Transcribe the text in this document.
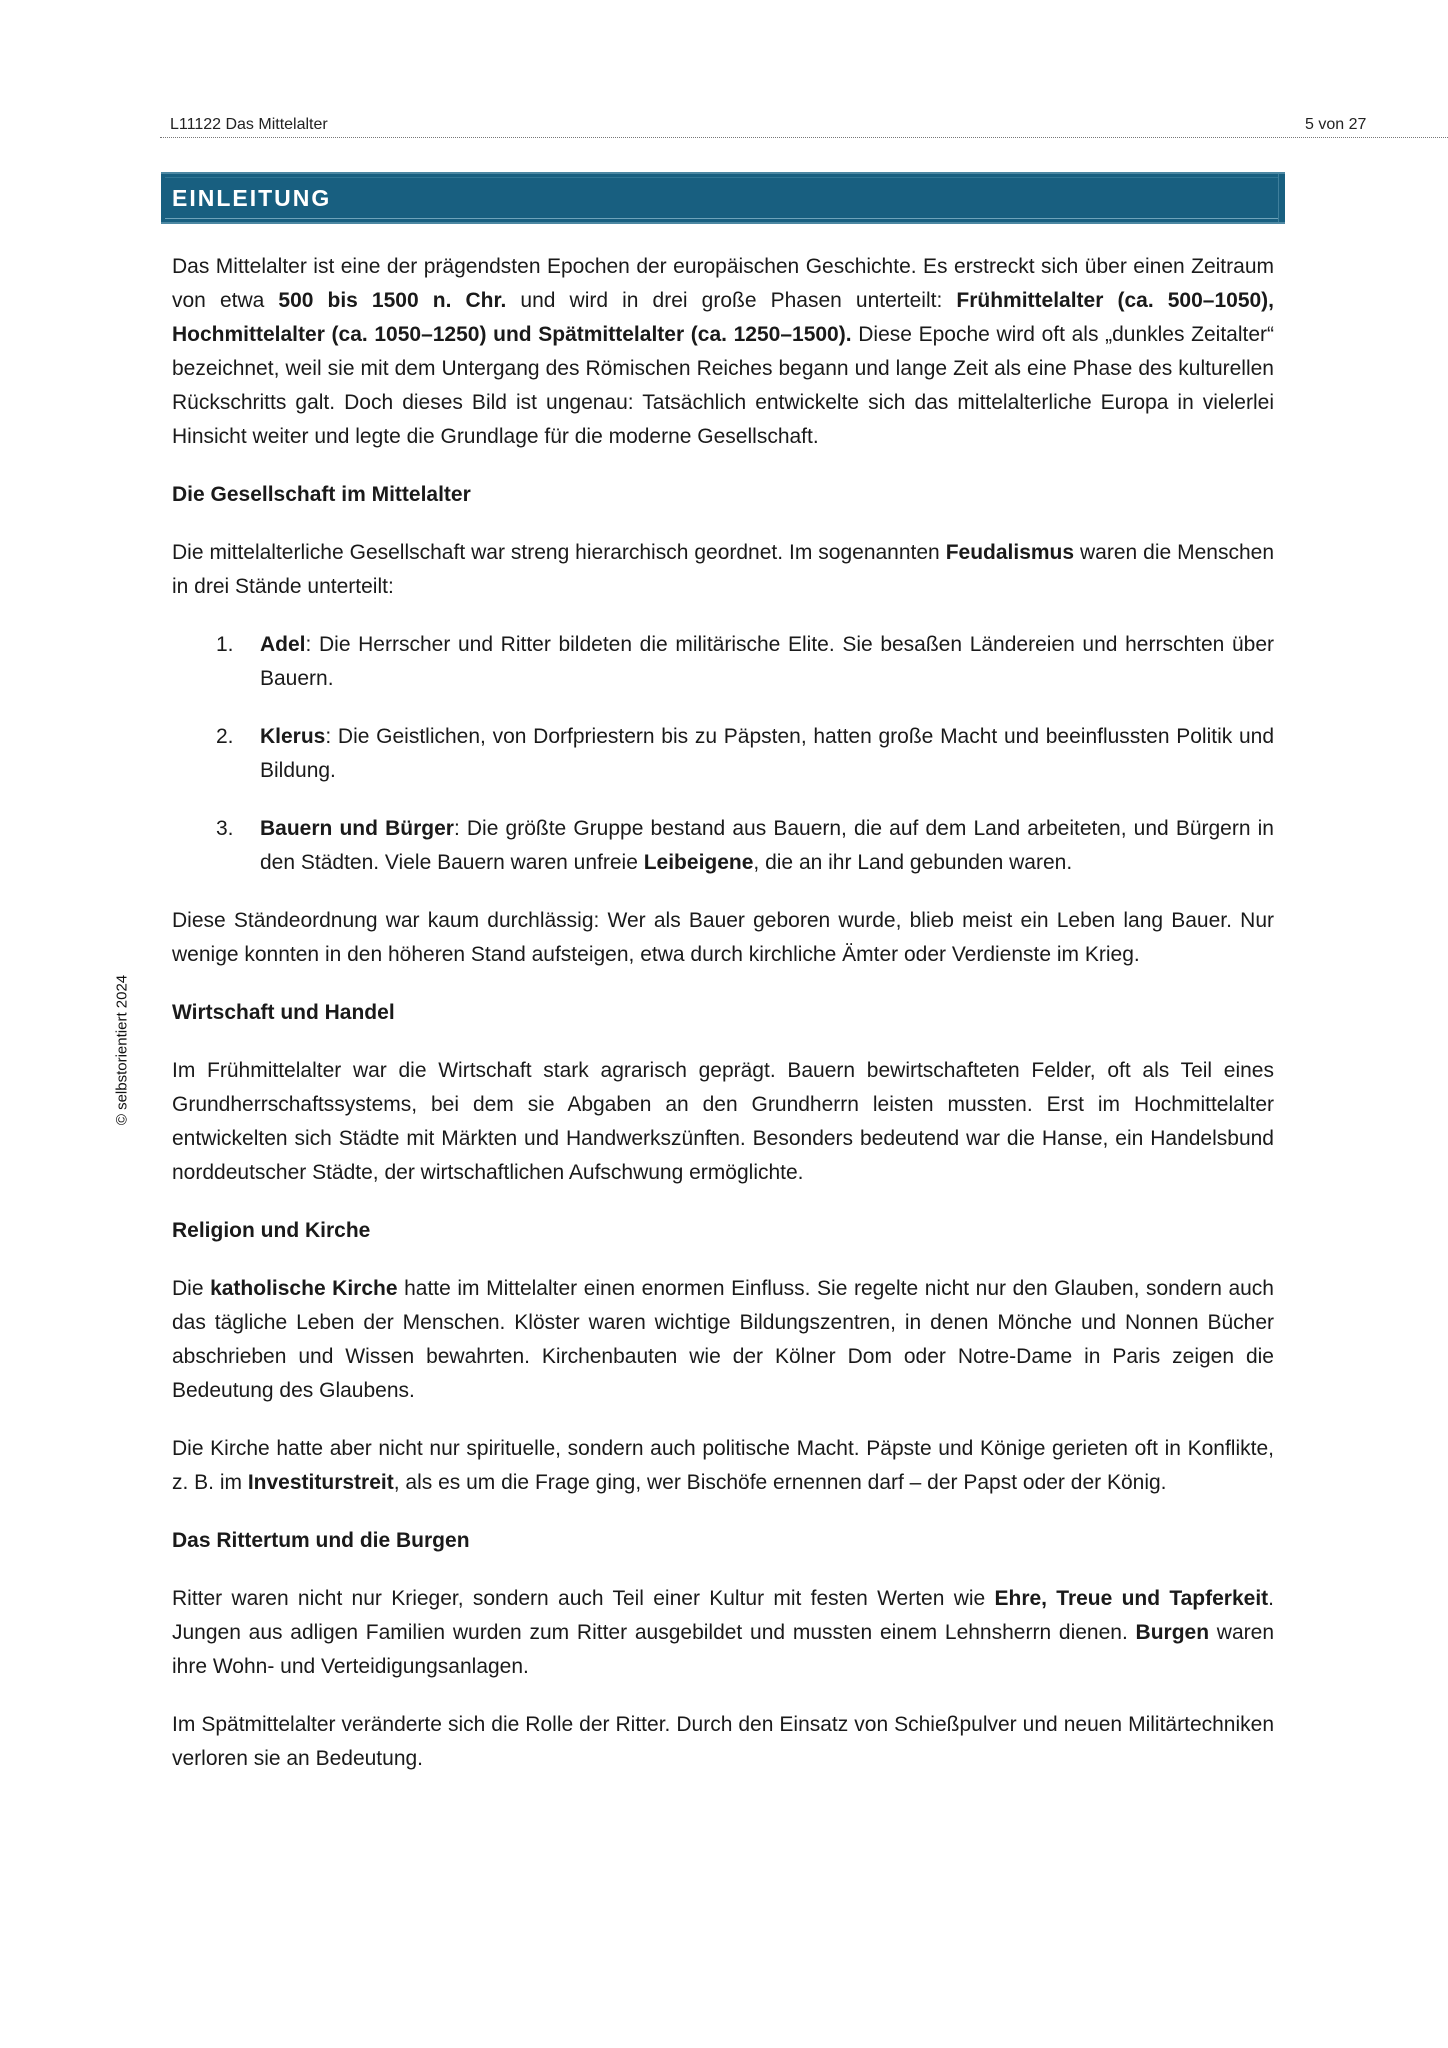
L11122 Das Mittelalter	5 von 27
© selbstorientiert 2024
EINLEITUNG

Das Mittelalter ist eine der prägendsten Epochen der europäischen Geschichte. Es erstreckt sich über einen Zeitraum von etwa 500 bis 1500 n. Chr. und wird in drei große Phasen unterteilt: Frühmittelalter (ca. 500–1050), Hochmittelalter (ca. 1050–1250) und Spätmittelalter (ca. 1250–1500). Diese Epoche wird oft als „dunkles Zeitalter“ bezeichnet, weil sie mit dem Untergang des Römischen Reiches begann und lange Zeit als eine Phase des kulturellen Rückschritts galt. Doch dieses Bild ist ungenau: Tatsächlich entwickelte sich das mittelalterliche Europa in vielerlei Hinsicht weiter und legte die Grundlage für die moderne Gesellschaft.

Die Gesellschaft im Mittelalter

Die mittelalterliche Gesellschaft war streng hierarchisch geordnet. Im sogenannten Feudalismus waren die Menschen in drei Stände unterteilt:

1. Adel: Die Herrscher und Ritter bildeten die militärische Elite. Sie besaßen Ländereien und herrschten über Bauern.
2. Klerus: Die Geistlichen, von Dorfpriestern bis zu Päpsten, hatten große Macht und beeinflussten Politik und Bildung.
3. Bauern und Bürger: Die größte Gruppe bestand aus Bauern, die auf dem Land arbeiteten, und Bürgern in den Städten. Viele Bauern waren unfreie Leibeigene, die an ihr Land gebunden waren.

Diese Ständeordnung war kaum durchlässig: Wer als Bauer geboren wurde, blieb meist ein Leben lang Bauer. Nur wenige konnten in den höheren Stand aufsteigen, etwa durch kirchliche Ämter oder Verdienste im Krieg.

Wirtschaft und Handel

Im Frühmittelalter war die Wirtschaft stark agrarisch geprägt. Bauern bewirtschafteten Felder, oft als Teil eines Grundherrschaftssystems, bei dem sie Abgaben an den Grundherrn leisten mussten. Erst im Hochmittelalter entwickelten sich Städte mit Märkten und Handwerkszünften. Besonders bedeutend war die Hanse, ein Handelsbund norddeutscher Städte, der wirtschaftlichen Aufschwung ermöglichte.

Religion und Kirche

Die katholische Kirche hatte im Mittelalter einen enormen Einfluss. Sie regelte nicht nur den Glauben, sondern auch das tägliche Leben der Menschen. Klöster waren wichtige Bildungszentren, in denen Mönche und Nonnen Bücher abschrieben und Wissen bewahrten. Kirchenbauten wie der Kölner Dom oder Notre-Dame in Paris zeigen die Bedeutung des Glaubens.

Die Kirche hatte aber nicht nur spirituelle, sondern auch politische Macht. Päpste und Könige gerieten oft in Konflikte, z. B. im Investiturstreit, als es um die Frage ging, wer Bischöfe ernennen darf – der Papst oder der König.

Das Rittertum und die Burgen

Ritter waren nicht nur Krieger, sondern auch Teil einer Kultur mit festen Werten wie Ehre, Treue und Tapferkeit. Jungen aus adligen Familien wurden zum Ritter ausgebildet und mussten einem Lehnsherrn dienen. Burgen waren ihre Wohn- und Verteidigungsanlagen.

Im Spätmittelalter veränderte sich die Rolle der Ritter. Durch den Einsatz von Schießpulver und neuen Militärtechniken verloren sie an Bedeutung.
